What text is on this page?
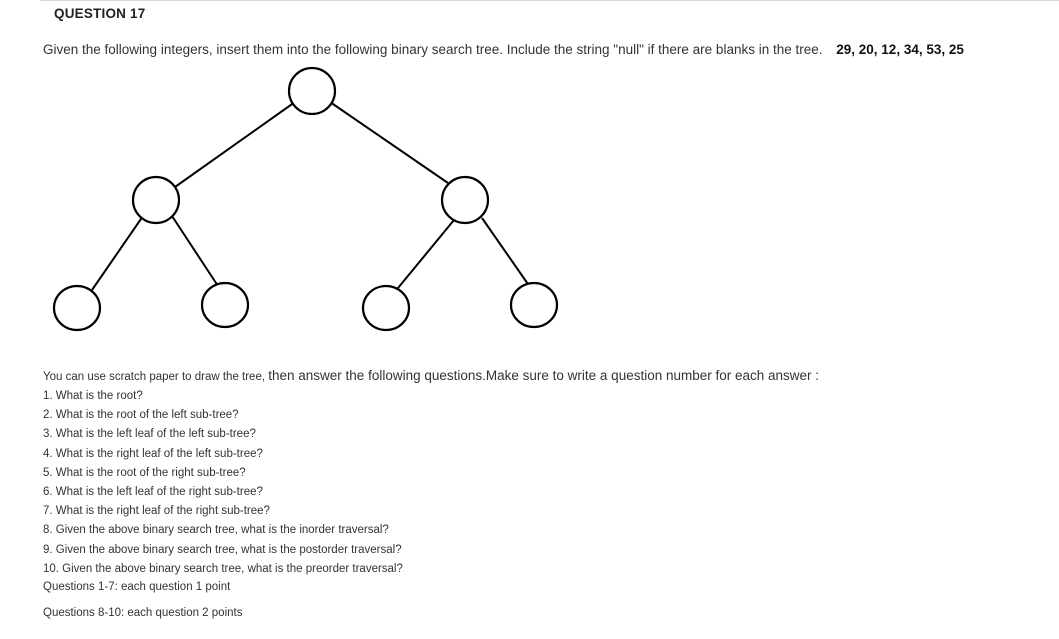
QUESTION 17
Given the following integers, insert them into the following binary search tree. Include the string "null" if there are blanks in the tree. 29, 20, 12, 34, 53, 25
You can use scratch paper to draw the tree, then answer the following questions.Make sure to write a question number for each answer :
1. What is the root?
2. What is the root of the left sub-tree?
3. What is the left leaf of the left sub-tree?
4. What is the right leaf of the left sub-tree?
5. What is the root of the right sub-tree?
6. What is the left leaf of the right sub-tree?
7. What is the right leaf of the right sub-tree?
8. Given the above binary search tree, what is the inorder traversal?
9. Given the above binary search tree, what is the postorder traversal?
10. Given the above binary search tree, what is the preorder traversal?
Questions 1-7: each question 1 point
Questions 8-10: each question 2 points
